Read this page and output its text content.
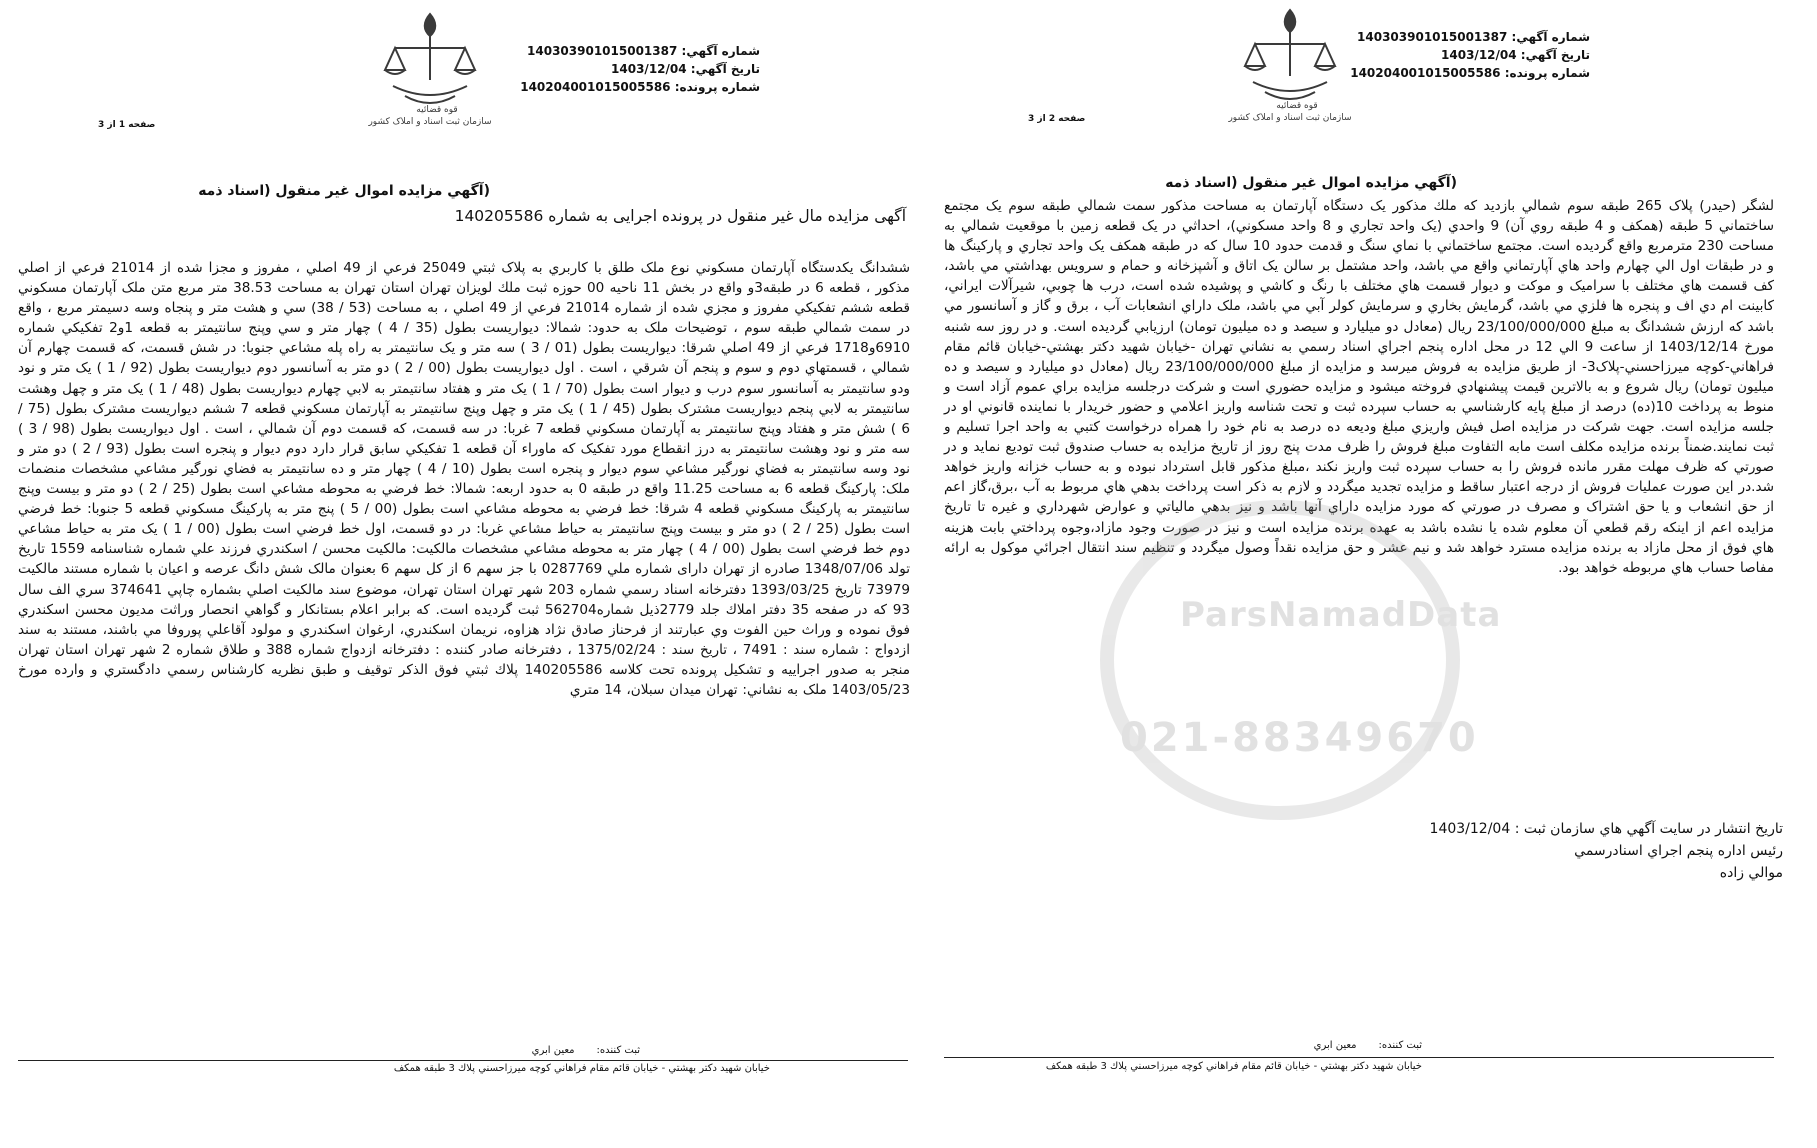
قوه قضائيه
سازمان ثبت اسناد و املاک کشور
شماره آگهي: 140303901015001387
تاريخ آگهي: 1403/12/04
شماره پرونده: 140204001015005586
صفحه 1 از 3
(آگهي مزايده اموال غير منقول (اسناد ذمه
آگهی مزایده مال غیر منقول در پرونده اجرایی به شماره 140205586
ششدانگ يکدستگاه آپارتمان مسکوني نوع ملک طلق با کاربري به پلاک ثبتي 25049 فرعي از 49 اصلي ، مفروز و مجزا شده از 21014 فرعي از اصلي مذكور ، قطعه 6 در طبقه3و واقع در بخش 11 ناحيه 00 حوزه ثبت ملك لويزان تهران استان تهران به مساحت 38.53 متر مربع متن ملک آپارتمان مسکوني قطعه ششم تفکيکي مفروز و مجزي شده از شماره 21014 فرعي از 49 اصلي ، به مساحت (53 / 38) سي و هشت متر و پنجاه وسه دسيمتر مربع ، واقع در سمت شمالي طبقه سوم ، توضيحات ملک به حدود: شمالا: ديواريست بطول (35 / 4 ) چهار متر و سي وپنج سانتيمتر به قطعه 1و2 تفکيکي شماره 6910و1718 فرعي از 49 اصلي شرقا: ديواريست بطول (01 / 3 ) سه متر و يک سانتيمتر به راه پله مشاعي جنوبا: در شش قسمت، که قسمت چهارم آن شمالي ، قسمتهاي دوم و سوم و پنجم آن شرقي ، است . اول ديواريست بطول (00 / 2 ) دو متر به آسانسور دوم ديواريست بطول (92 / 1 ) يک متر و نود ودو سانتيمتر به آسانسور سوم درب و ديوار است بطول (70 / 1 ) يک متر و هفتاد سانتيمتر به لابي چهارم ديواريست بطول (48 / 1 ) يک متر و چهل وهشت سانتيمتر به لابي پنجم ديواريست مشترک بطول (45 / 1 ) يک متر و چهل وپنج سانتيمتر به آپارتمان مسکوني قطعه 7 ششم ديواريست مشترک بطول (75 / 6 ) شش متر و هفتاد وپنج سانتيمتر به آپارتمان مسکوني قطعه 7 غربا: در سه قسمت، که قسمت دوم آن شمالي ، است . اول ديواريست بطول (98 / 3 ) سه متر و نود وهشت سانتيمتر به درز انقطاع مورد تفکيک که ماوراء آن قطعه 1 تفکيکي سابق قرار دارد دوم ديوار و پنجره است بطول (93 / 2 ) دو متر و نود وسه سانتيمتر به فضاي نورگير مشاعي سوم ديوار و پنجره است بطول (10 / 4 ) چهار متر و ده سانتيمتر به فضاي نورگير مشاعي مشخصات منضمات ملک: پارکينگ قطعه 6 به مساحت 11.25 واقع در طبقه 0 به حدود اربعه: شمالا: خط فرضي به محوطه مشاعي است بطول (25 / 2 ) دو متر و بيست وپنج سانتيمتر به پارکينگ مسکوني قطعه 4 شرقا: خط فرضي به محوطه مشاعي است بطول (00 / 5 ) پنج متر به پارکينگ مسکوني قطعه 5 جنوبا: خط فرضي است بطول (25 / 2 ) دو متر و بيست وپنج سانتيمتر به حياط مشاعي غربا: در دو قسمت، اول خط فرضي است بطول (00 / 1 ) يک متر به حياط مشاعي دوم خط فرضي است بطول (00 / 4 ) چهار متر به محوطه مشاعي مشخصات مالکيت: مالکيت محسن / اسکندري فرزند علي شماره شناسنامه 1559 تاريخ تولد 1348/07/06 صادره از تهران داراى شماره ملي 0287769 با جز سهم 6 از كل سهم 6 بعنوان مالک شش دانگ عرصه و اعيان با شماره مستند مالکيت 73979 تاريخ 1393/03/25 دفترخانه اسناد رسمي شماره 203 شهر تهران استان تهران، موضوع سند مالکيت اصلي بشماره چاپي 374641 سري الف سال 93 كه در صفحه 35 دفتر املاك جلد 2779ذيل شماره562704 ثبت گرديده است. كه برابر اعلام بستانكار و گواهي انحصار وراثت مديون محسن اسكندري فوق نموده و وراث حين الفوت وي عبارتند از فرحناز صادق نژاد هزاوه، نريمان اسكندري، ارغوان اسكندري و مولود آقاعلي پوروفا مي باشند، مستند به سند ازدواج : شماره سند : 7491 ، تاريخ سند : 1375/02/24 ، دفترخانه صادر کننده : دفترخانه ازدواج شماره 388 و طلاق شماره 2 شهر تهران استان تهران منجر به صدور اجراييه و تشكيل پرونده تحت كلاسه 140205586 پلاك ثبتي فوق الذكر توقيف و طبق نظريه كارشناس رسمي دادگستري و وارده مورخ 1403/05/23 ملک به نشاني: تهران ميدان سبلان، 14 متري
ثبت کننده:
معين ابري
خيابان شهيد دكتر بهشتي - خيابان قائم مقام فراهاني كوچه ميرزاحسني پلاك 3 طبقه همكف
قوه قضائيه
سازمان ثبت اسناد و املاک کشور
شماره آگهي: 140303901015001387
تاريخ آگهي: 1403/12/04
شماره پرونده: 140204001015005586
صفحه 2 از 3
(آگهي مزايده اموال غير منقول (اسناد ذمه
لشگر (حيدر) پلاک 265 طبقه سوم شمالي بازديد كه ملك مذكور يک دستگاه آپارتمان به مساحت مذکور سمت شمالي طبقه سوم يک مجتمع ساختماني 5 طبقه (همکف و 4 طبقه روي آن) 9 واحدي (يک واحد تجاري و 8 واحد مسکوني)، احداثي در يک قطعه زمين با موقعيت شمالي به مساحت 230 مترمربع واقع گرديده است. مجتمع ساختماني با نماي سنگ و قدمت حدود 10 سال كه در طبقه همكف يک واحد تجاري و پاركينگ ها و در طبقات اول الي چهارم واحد هاي آپارتماني واقع مي باشد، واحد مشتمل بر سالن يک اتاق و آشپزخانه و حمام و سرويس بهداشتي مي باشد، كف قسمت هاي مختلف با سراميک و موکت و ديوار قسمت هاي مختلف با رنگ و كاشي و پوشيده شده است، درب ها چوبي، شيرآلات ايراني، كابينت ام دي اف و پنجره ها فلزي مي باشد، گرمايش بخاري و سرمايش كولر آبي مي باشد، ملک داراي انشعابات آب ، برق و گاز و آسانسور مي باشد كه ارزش ششدانگ به مبلغ 23/100/000/000 ريال (معادل دو ميليارد و سيصد و ده ميليون تومان) ارزيابي گرديده است. و در روز سه شنبه مورخ 1403/12/14 از ساعت 9 الي 12 در محل اداره پنجم اجراي اسناد رسمي به نشاني تهران -خيابان شهيد دكتر بهشتي-خيابان قائم مقام فراهاني-كوچه ميرزاحسني-پلاک3- از طريق مزايده به فروش ميرسد و مزايده از مبلغ 23/100/000/000 ريال (معادل دو ميليارد و سيصد و ده ميليون تومان) ريال شروع و به بالاترين قيمت پيشنهادي فروخته ميشود و مزايده حضوري است و شركت درجلسه مزايده براي عموم آزاد است و منوط به پرداخت 10(ده) درصد از مبلغ پايه كارشناسي به حساب سپرده ثبت و تحت شناسه واريز اعلامي و حضور خريدار با نماينده قانوني او در جلسه مزايده است. جهت شركت در مزايده اصل فيش واريزي مبلغ وديعه ده درصد به نام خود را همراه درخواست کتبي به واحد اجرا تسليم و ثبت نمايند.ضمناً برنده مزايده مكلف است مابه التفاوت مبلغ فروش را ظرف مدت پنج روز از تاريخ مزايده به حساب صندوق ثبت توديع نمايد و در صورتي كه ظرف مهلت مقرر مانده فروش را به حساب سپرده ثبت واريز نكند ،مبلغ مذكور قابل استرداد نبوده و به حساب خزانه واريز خواهد شد.در اين صورت عمليات فروش از درجه اعتبار ساقط و مزايده تجديد ميگردد و لازم به ذكر است پرداخت بدهي هاي مربوط به آب ،برق،گاز اعم از حق انشعاب و يا حق اشتراک و مصرف در صورتي كه مورد مزايده داراي آنها باشد و نيز بدهي مالياتي و عوارض شهرداري و غيره تا تاريخ مزايده اعم از اينكه رقم قطعي آن معلوم شده يا نشده باشد به عهده برنده مزايده است و نيز در صورت وجود مازاد،وجوه پرداختي بابت هزينه هاي فوق از محل مازاد به برنده مزايده مسترد خواهد شد و نيم عشر و حق مزايده نقداً وصول ميگردد و تنظيم سند انتقال اجرائي موكول به ارائه مفاصا حساب هاي مربوطه خواهد بود.
تاريخ انتشار در سايت آگهي هاي سازمان ثبت : 1403/12/04
رئيس اداره پنجم اجراي اسنادرسمي
موالي زاده
ثبت کننده:
معين ابري
خيابان شهيد دكتر بهشتي - خيابان قائم مقام فراهاني كوچه ميرزاحسني پلاك 3 طبقه همكف
ParsNamadData
021-88349670
